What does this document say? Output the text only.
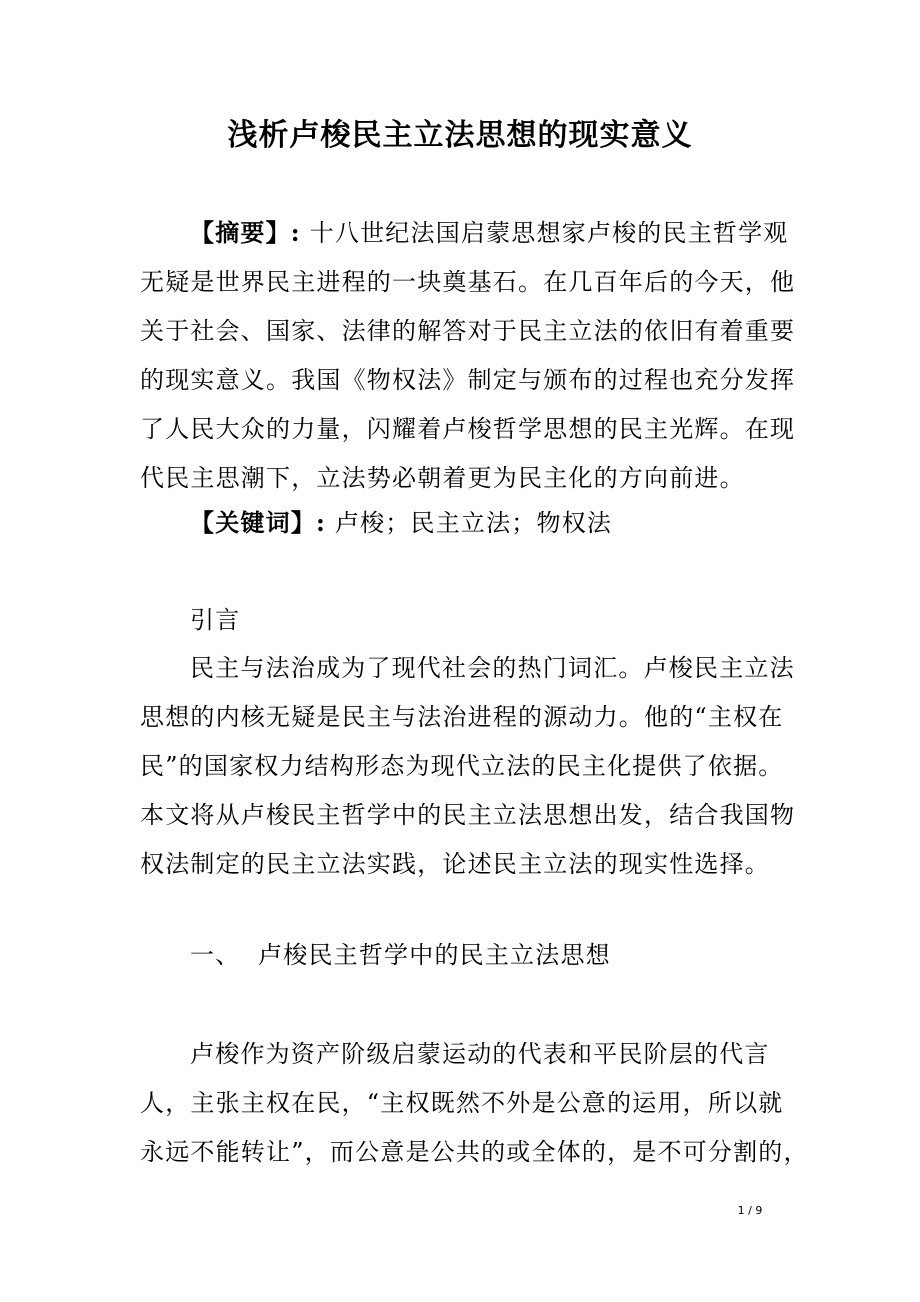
浅析卢梭民主立法思想的现实意义
【摘要】: 十八世纪法国启蒙思想家卢梭的民主哲学观
无疑是世界民主进程的一块奠基石。在几百年后的今天，他
关于社会、国家、法律的解答对于民主立法的依旧有着重要
的现实意义。我国《物权法》制定与颁布的过程也充分发挥
了人民大众的力量，闪耀着卢梭哲学思想的民主光辉。在现
代民主思潮下，立法势必朝着更为民主化的方向前进。
【关键词】: 卢梭；民主立法；物权法
引言
民主与法治成为了现代社会的热门词汇。卢梭民主立法
思想的内核无疑是民主与法治进程的源动力。他的“主权在
民”的国家权力结构形态为现代立法的民主化提供了依据。
本文将从卢梭民主哲学中的民主立法思想出发，结合我国物
权法制定的民主立法实践，论述民主立法的现实性选择。
一、  卢梭民主哲学中的民主立法思想
卢梭作为资产阶级启蒙运动的代表和平民阶层的代言
人，主张主权在民，“主权既然不外是公意的运用，所以就
永远不能转让”，而公意是公共的或全体的，是不可分割的，
1 / 9
